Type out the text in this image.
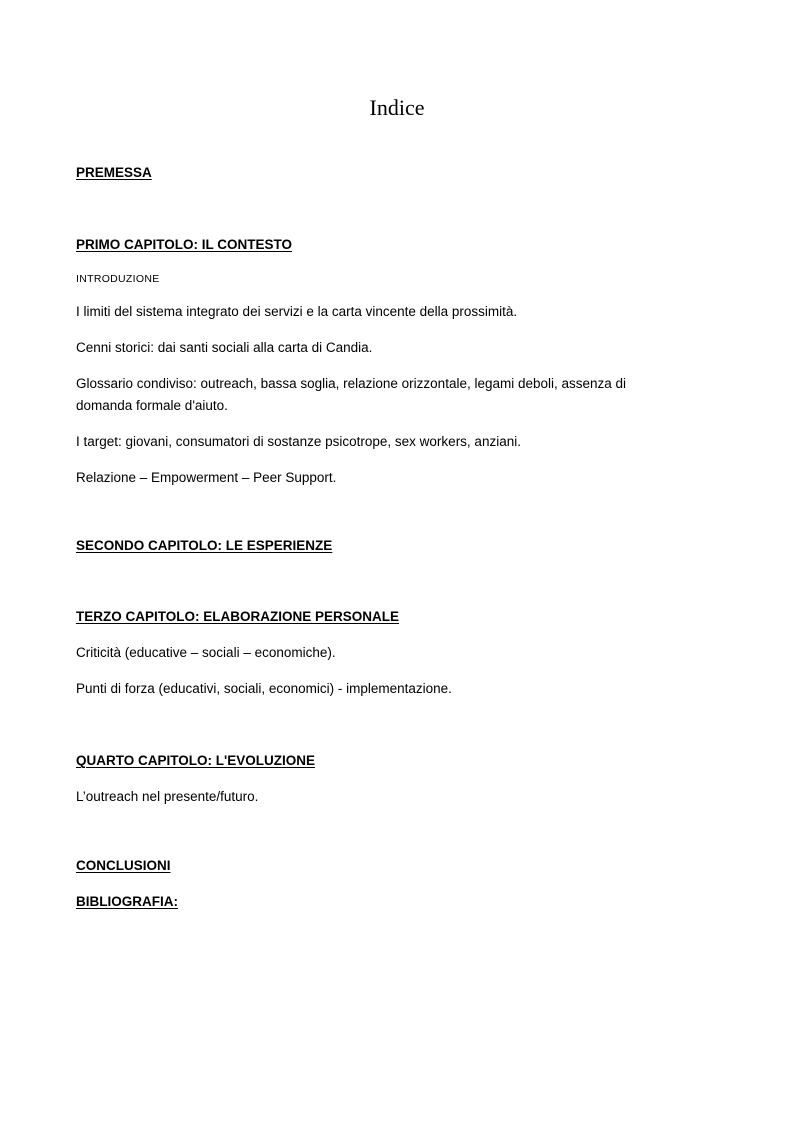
Indice

PREMESSA

PRIMO CAPITOLO: IL CONTESTO

INTRODUZIONE

I limiti del sistema integrato dei servizi e la carta vincente della prossimità.

Cenni storici: dai santi sociali alla carta di Candia.

Glossario condiviso: outreach, bassa soglia, relazione orizzontale, legami deboli, assenza di domanda formale d'aiuto.

I target: giovani, consumatori di sostanze psicotrope, sex workers, anziani.

Relazione – Empowerment – Peer Support.

SECONDO CAPITOLO: LE ESPERIENZE

TERZO CAPITOLO: ELABORAZIONE PERSONALE

Criticità (educative – sociali – economiche).

Punti di forza (educativi, sociali, economici) - implementazione.

QUARTO CAPITOLO: L'EVOLUZIONE

L’outreach nel presente/futuro.

CONCLUSIONI

BIBLIOGRAFIA:
